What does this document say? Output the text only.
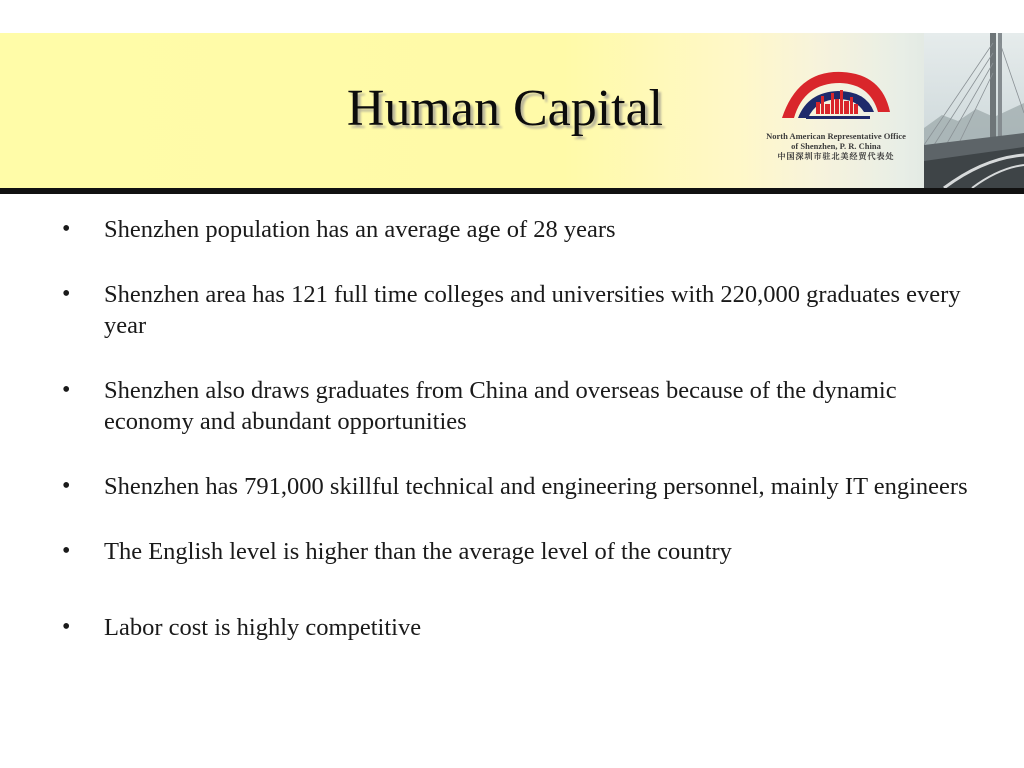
Human Capital	North American Representative Office
of Shenzhen, P. R. China
中国深圳市驻北美经贸代表处
• Shenzhen population has an average age of 28 years
• Shenzhen area has 121 full time colleges and universities with 220,000 graduates every year
• Shenzhen also draws graduates from China and overseas because of the dynamic economy and abundant opportunities
• Shenzhen has 791,000 skillful technical and engineering personnel, mainly IT engineers
• The English level is higher than the average level of the country
• Labor cost is highly competitive
